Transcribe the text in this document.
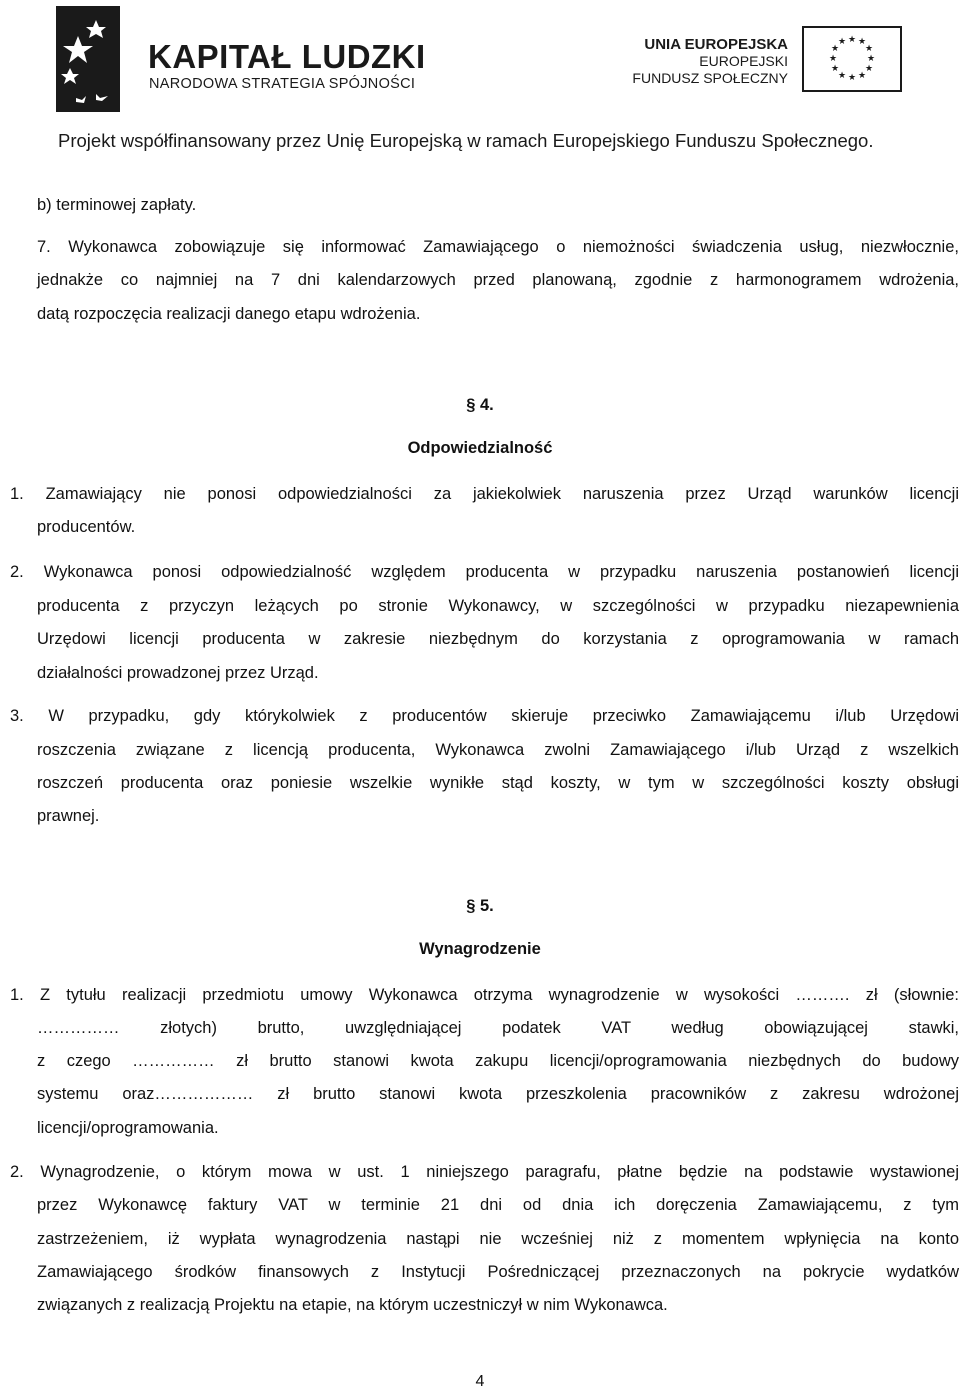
KAPITAŁ LUDZKI
NARODOWA STRATEGIA SPÓJNOŚCI
UNIA EUROPEJSKA
EUROPEJSKI
FUNDUSZ SPOŁECZNY
★ ★
★
★
★
★
★
★
★
★
★
★
Projekt współfinansowany przez Unię Europejską w ramach Europejskiego Funduszu Społecznego.
b) terminowej zapłaty.
7. Wykonawca zobowiązuje się informować Zamawiającego o niemożności świadczenia usług, niezwłocznie,
jednakże co najmniej na 7 dni kalendarzowych przed planowaną, zgodnie z harmonogramem wdrożenia,
datą rozpoczęcia realizacji danego etapu wdrożenia.
§ 4.
Odpowiedzialność
1. Zamawiający nie ponosi odpowiedzialności za jakiekolwiek naruszenia przez Urząd warunków licencji
producentów.
2. Wykonawca ponosi odpowiedzialność względem producenta w przypadku naruszenia postanowień licencji
producenta z przyczyn leżących po stronie Wykonawcy, w szczególności w przypadku niezapewnienia
Urzędowi licencji producenta w zakresie niezbędnym do korzystania z oprogramowania w ramach
działalności prowadzonej przez Urząd.
3. W przypadku, gdy którykolwiek z producentów skieruje przeciwko Zamawiającemu i/lub Urzędowi
roszczenia związane z licencją producenta, Wykonawca zwolni Zamawiającego i/lub Urząd z wszelkich
roszczeń producenta oraz poniesie wszelkie wynikłe stąd koszty, w tym w szczególności koszty obsługi
prawnej.
§ 5.
Wynagrodzenie
1. Z tytułu realizacji przedmiotu umowy Wykonawca otrzyma wynagrodzenie w wysokości ………. zł (słownie:
…………… złotych) brutto, uwzględniającej podatek VAT według obowiązującej stawki,
z czego …………… zł brutto stanowi kwota zakupu licencji/oprogramowania niezbędnych do budowy
systemu oraz……………… zł brutto stanowi kwota przeszkolenia pracowników z zakresu wdrożonej
licencji/oprogramowania.
2. Wynagrodzenie, o którym mowa w ust. 1 niniejszego paragrafu, płatne będzie na podstawie wystawionej
przez Wykonawcę faktury VAT w terminie 21 dni od dnia ich doręczenia Zamawiającemu, z tym
zastrzeżeniem, iż wypłata wynagrodzenia nastąpi nie wcześniej niż z momentem wpłynięcia na konto
Zamawiającego środków finansowych z Instytucji Pośredniczącej przeznaczonych na pokrycie wydatków
związanych z realizacją Projektu na etapie, na którym uczestniczył w nim Wykonawca.
4
